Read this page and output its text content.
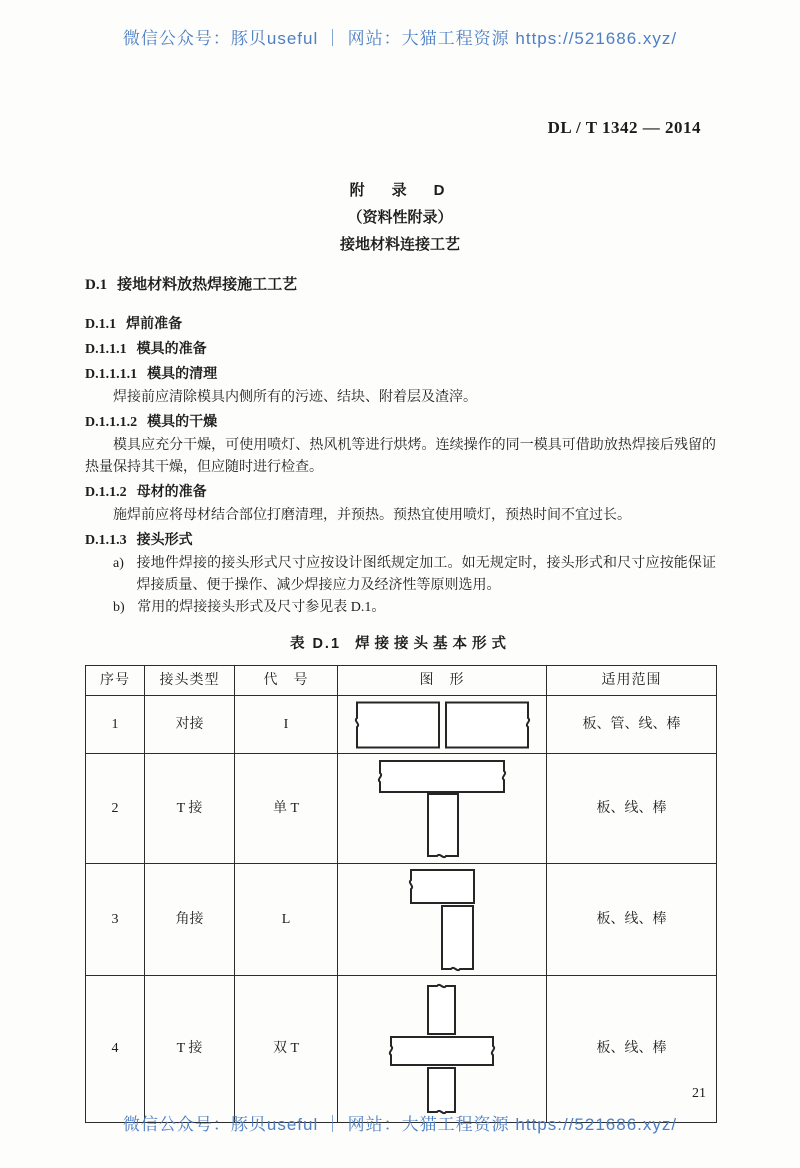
微信公众号：豚贝useful ｜ 网站：大猫工程资源 https://521686.xyz/
DL / T 1342 — 2014
附　录　D
（资料性附录）
接地材料连接工艺
D.1 接地材料放热焊接施工工艺
D.1.1 焊前准备
D.1.1.1 模具的准备
D.1.1.1.1 模具的清理
焊接前应清除模具内侧所有的污迹、结块、附着层及渣滓。
D.1.1.1.2 模具的干燥
模具应充分干燥，可使用喷灯、热风机等进行烘烤。连续操作的同一模具可借助放热焊接后残留的热量保持其干燥，但应随时进行检查。
D.1.1.2 母材的准备
施焊前应将母材结合部位打磨清理，并预热。预热宜使用喷灯，预热时间不宜过长。
D.1.1.3 接头形式
a) 接地件焊接的接头形式尺寸应按设计图纸规定加工。如无规定时，接头形式和尺寸应按能保证焊接质量、便于操作、减少焊接应力及经济性等原则选用。
b) 常用的焊接接头形式及尺寸参见表 D.1。
表 D.1 焊接接头基本形式
序号	接头类型	代　号	图　形	适用范围
1	对接	I		板、管、线、棒
2	T 接	单 T		板、线、棒
3	角接	L		板、线、棒
4	T 接	双 T		板、线、棒
21
微信公众号：豚贝useful ｜ 网站：大猫工程资源 https://521686.xyz/
